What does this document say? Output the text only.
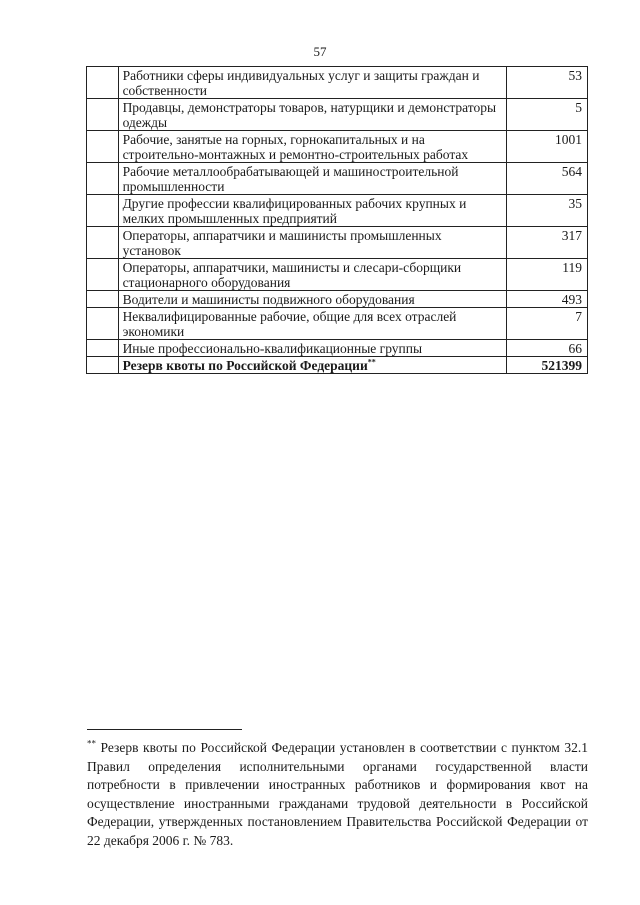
57
	Работники сферы индивидуальных услуг и защиты граждан и собственности	53
	Продавцы, демонстраторы товаров, натурщики и демонстраторы одежды	5
	Рабочие, занятые на горных, горнокапитальных и на строительно-монтажных и ремонтно-строительных работах	1001
	Рабочие металлообрабатывающей и машиностроительной промышленности	564
	Другие профессии квалифицированных рабочих крупных и мелких промышленных предприятий	35
	Операторы, аппаратчики и машинисты промышленных установок	317
	Операторы, аппаратчики, машинисты и слесари-сборщики стационарного оборудования	119
	Водители и машинисты подвижного оборудования	493
	Неквалифицированные рабочие, общие для всех отраслей экономики	7
	Иные профессионально-квалификационные группы	66
	Резерв квоты по Российской Федерации**	521399
** Резерв квоты по Российской Федерации установлен в соответствии с пунктом 32.1 Правил определения исполнительными органами государственной власти потребности в привлечении иностранных работников и формирования квот на осуществление иностранными гражданами трудовой деятельности в Российской Федерации, утвержденных постановлением Правительства Российской Федерации от 22 декабря 2006 г. № 783.
